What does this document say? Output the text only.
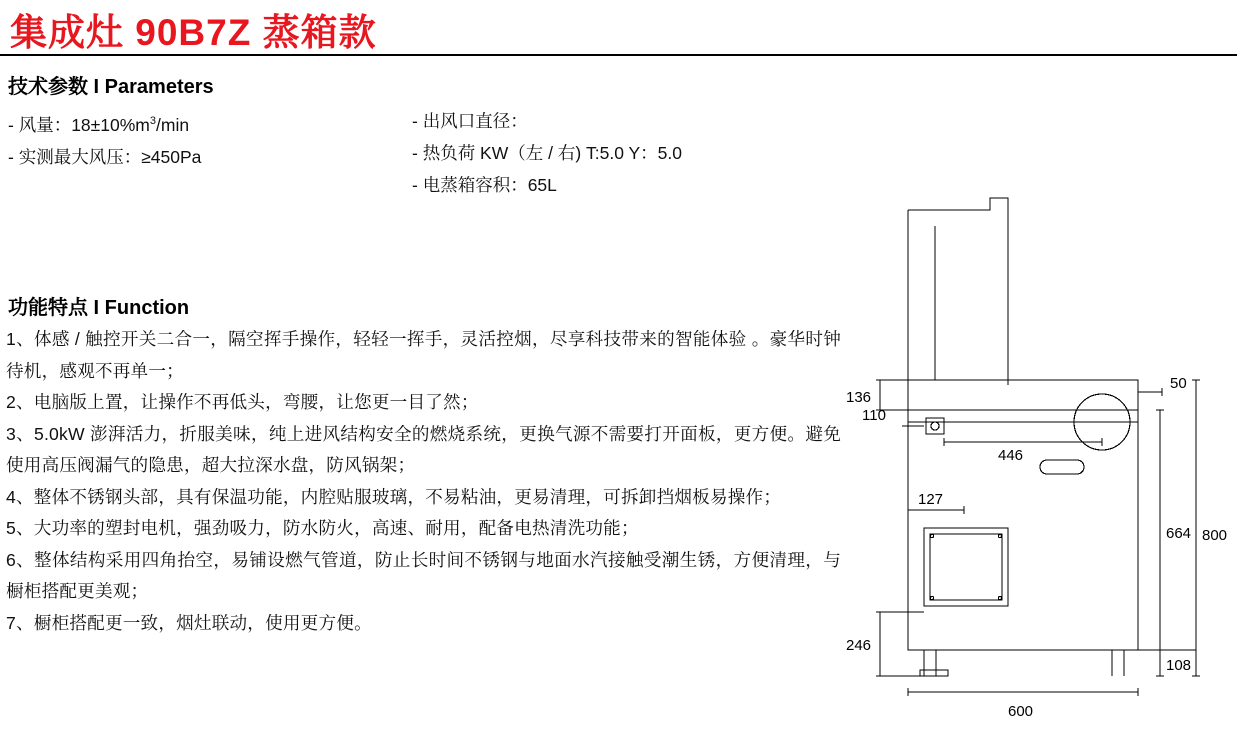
集成灶 90B7Z 蒸箱款
技术参数 I Parameters
- 风量：$18\pm 10\%m^3/\min$
- 实测最大风压：≥450Pa
- 出风口直径：
- 热负荷 KW（左 / 右) T:5.0 Y：5.0
- 电蒸箱容积：65L
功能特点 I Function
1、体感 / 触控开关二合一，隔空挥手操作，轻轻一挥手，灵活控烟，尽享科技带来的智能体验 。豪华时钟待机，感观不再单一；
2、电脑版上置，让操作不再低头，弯腰，让您更一目了然；
3、5.0kW 澎湃活力，折服美味，纯上进风结构安全的燃烧系统，更换气源不需要打开面板，更方便。避免使用高压阀漏气的隐患，超大拉深水盘，防风锅架；
4、整体不锈钢头部，具有保温功能，内腔贴服玻璃，不易粘油，更易清理，可拆卸挡烟板易操作；
5、大功率的塑封电机，强劲吸力，防水防火，高速、耐用，配备电热清洗功能；
6、整体结构采用四角抬空，易铺设燃气管道，防止长时间不锈钢与地面水汽接触受潮生锈，方便清理，与橱柜搭配更美观；
7、橱柜搭配更一致，烟灶联动，使用更方便。
136
50
110
446
800
664
127
246
108
600
